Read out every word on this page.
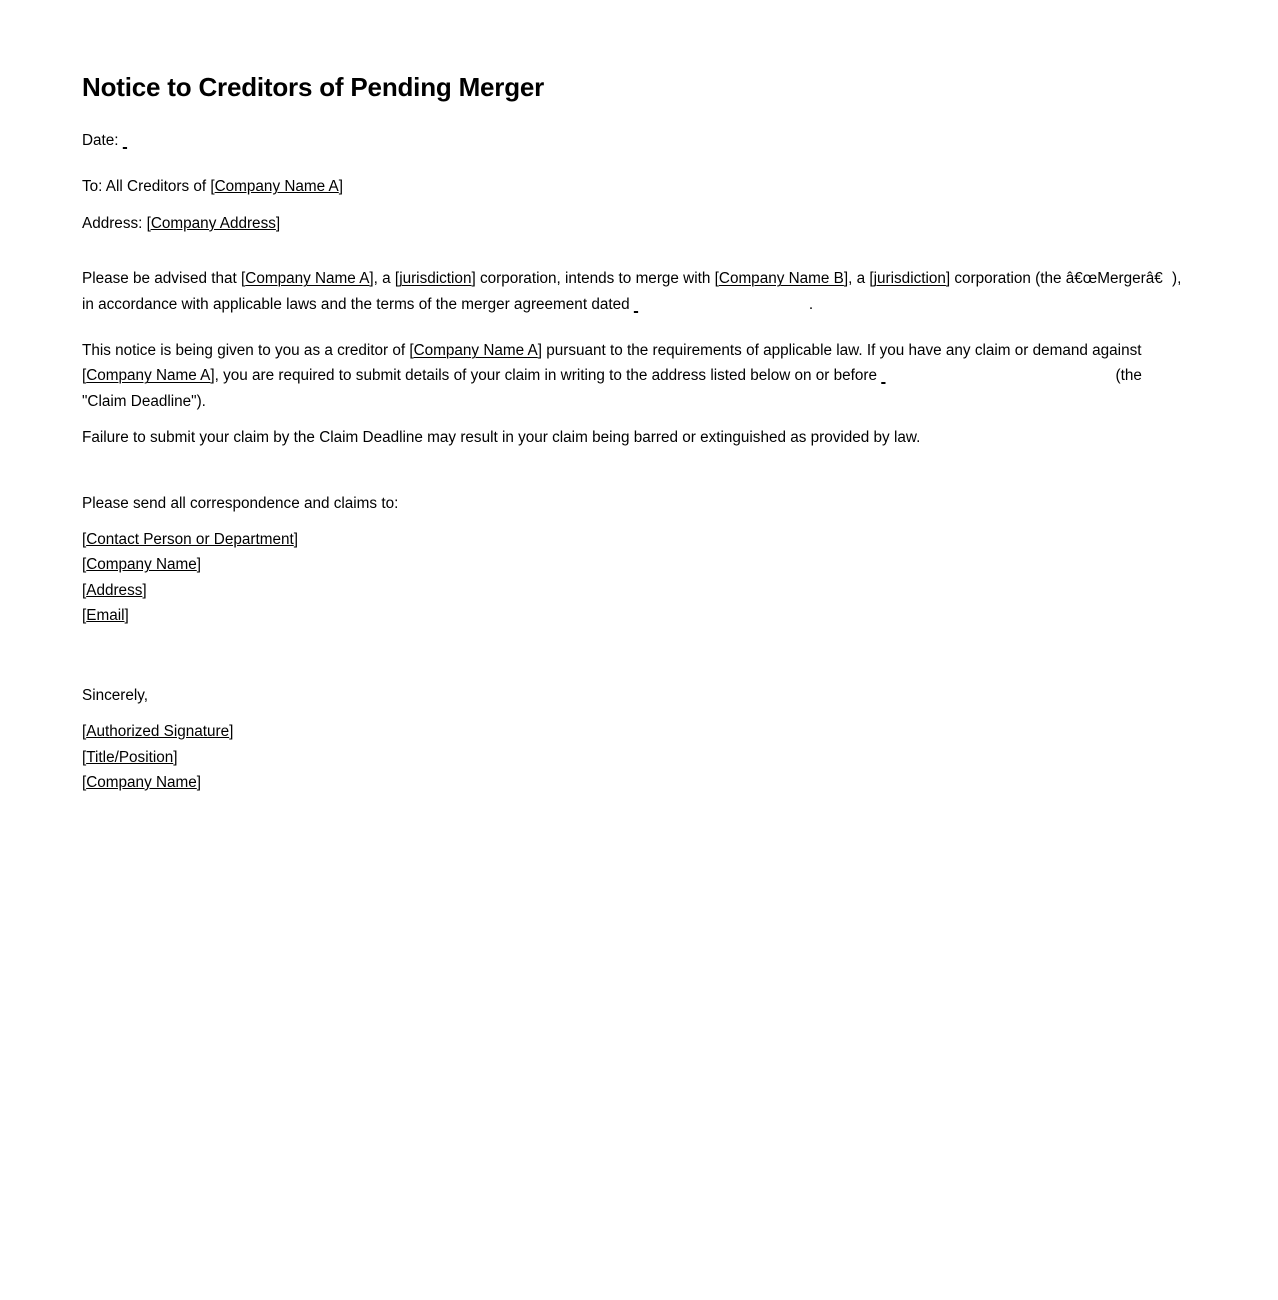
Notice to Creditors of Pending Merger

Date:

To: All Creditors of [Company Name A]

Address: [Company Address]

Please be advised that [Company Name A], a [jurisdiction] corporation, intends to merge with [Company Name B], a [jurisdiction] corporation (the â€œMergerâ€), in accordance with applicable laws and the terms of the merger agreement dated	.

This notice is being given to you as a creditor of [Company Name A] pursuant to the requirements of applicable law. If you have any claim or demand against [Company Name A], you are required to submit details of your claim in writing to the address listed below on or before	(the "Claim Deadline").

Failure to submit your claim by the Claim Deadline may result in your claim being barred or extinguished as provided by law.

Please send all correspondence and claims to:

[Contact Person or Department]

[Company Name]

[Address]

[Email]

Sincerely,

[Authorized Signature]

[Title/Position]

[Company Name]
